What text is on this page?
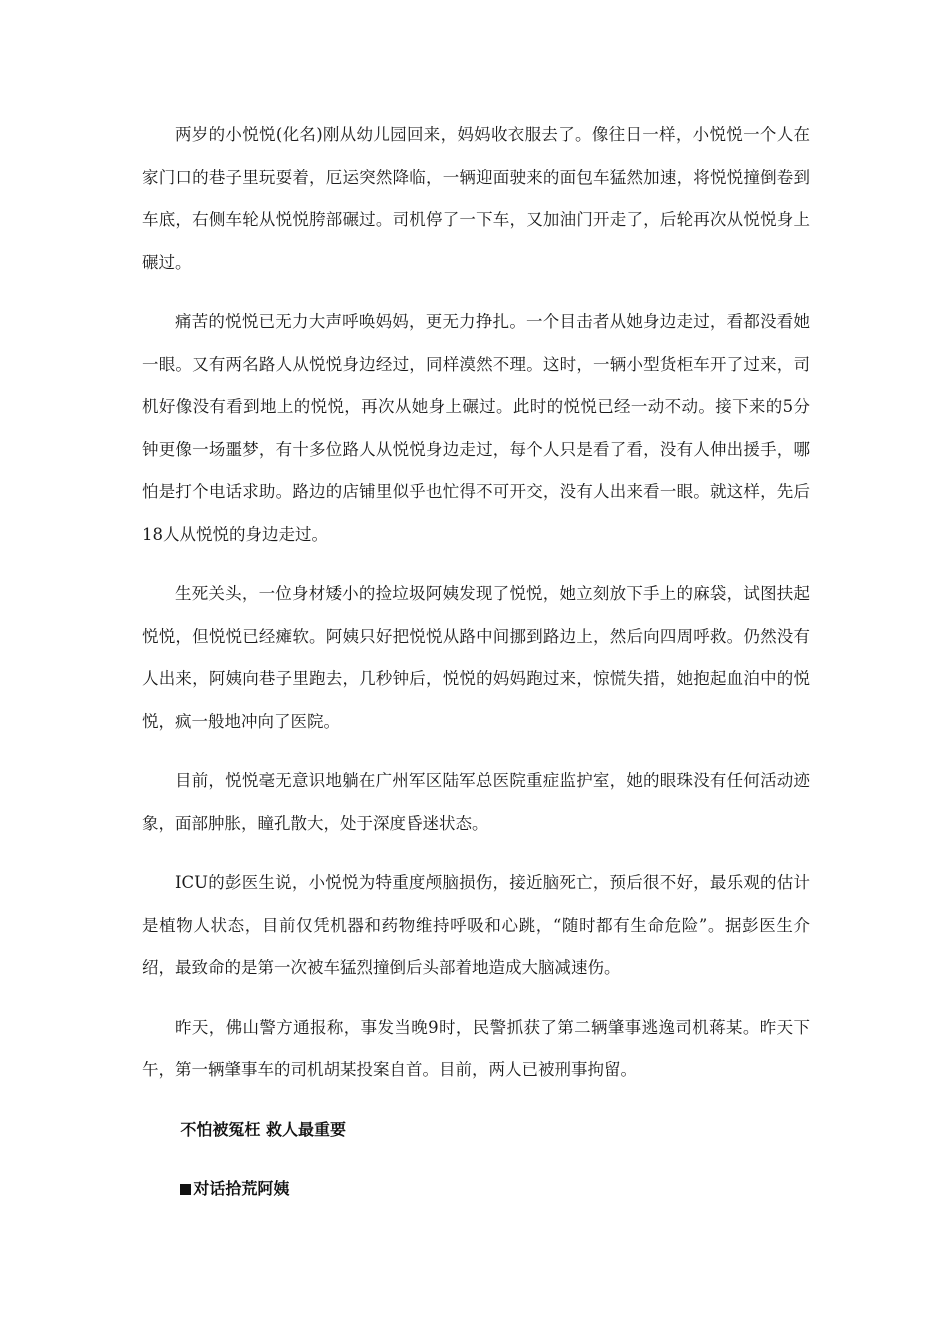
两岁的小悦悦(化名)刚从幼儿园回来，妈妈收衣服去了。像往日一样，小悦悦一个人在家门口的巷子里玩耍着，厄运突然降临，一辆迎面驶来的面包车猛然加速，将悦悦撞倒卷到车底，右侧车轮从悦悦胯部碾过。司机停了一下车，又加油门开走了，后轮再次从悦悦身上碾过。

痛苦的悦悦已无力大声呼唤妈妈，更无力挣扎。一个目击者从她身边走过，看都没看她一眼。又有两名路人从悦悦身边经过，同样漠然不理。这时，一辆小型货柜车开了过来，司机好像没有看到地上的悦悦，再次从她身上碾过。此时的悦悦已经一动不动。接下来的5分钟更像一场噩梦，有十多位路人从悦悦身边走过，每个人只是看了看，没有人伸出援手，哪怕是打个电话求助。路边的店铺里似乎也忙得不可开交，没有人出来看一眼。就这样，先后18人从悦悦的身边走过。

生死关头，一位身材矮小的捡垃圾阿姨发现了悦悦，她立刻放下手上的麻袋，试图扶起悦悦，但悦悦已经瘫软。阿姨只好把悦悦从路中间挪到路边上，然后向四周呼救。仍然没有人出来，阿姨向巷子里跑去，几秒钟后，悦悦的妈妈跑过来，惊慌失措，她抱起血泊中的悦悦，疯一般地冲向了医院。

目前，悦悦毫无意识地躺在广州军区陆军总医院重症监护室，她的眼珠没有任何活动迹象，面部肿胀，瞳孔散大，处于深度昏迷状态。

ICU的彭医生说，小悦悦为特重度颅脑损伤，接近脑死亡，预后很不好，最乐观的估计是植物人状态，目前仅凭机器和药物维持呼吸和心跳，“随时都有生命危险”。据彭医生介绍，最致命的是第一次被车猛烈撞倒后头部着地造成大脑减速伤。

昨天，佛山警方通报称，事发当晚9时，民警抓获了第二辆肇事逃逸司机蒋某。昨天下午，第一辆肇事车的司机胡某投案自首。目前，两人已被刑事拘留。

不怕被冤枉 救人最重要
对话拾荒阿姨
